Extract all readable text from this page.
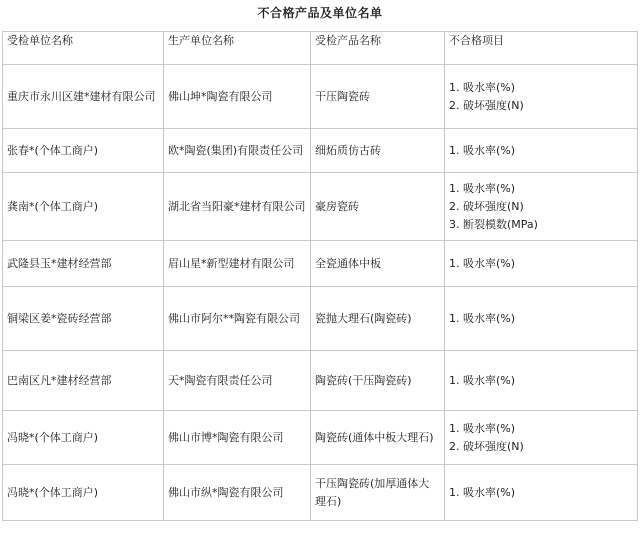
不合格产品及单位名单
受检单位名称	生产单位名称	受检产品名称	不合格项目
重庆市永川区建*建材有限公司	佛山坤*陶瓷有限公司	干压陶瓷砖	1. 吸水率(%)
2. 破坏强度(N)

张春*(个体工商户)	欧*陶瓷(集团)有限责任公司	细炻质仿古砖	1. 吸水率(%)

龚南*(个体工商户)	湖北省当阳豪*建材有限公司	豪房瓷砖	1. 吸水率(%)
2. 破坏强度(N)
3. 断裂模数(MPa)

武隆县玉*建材经营部	眉山星*新型建材有限公司	全瓷通体中板	1. 吸水率(%)

铜梁区姜*瓷砖经营部	佛山市阿尔**陶瓷有限公司	瓷抛大理石(陶瓷砖)	1. 吸水率(%)

巴南区凡*建材经营部	天*陶瓷有限责任公司	陶瓷砖(干压陶瓷砖)	1. 吸水率(%)

冯晓*(个体工商户)	佛山市博*陶瓷有限公司	陶瓷砖(通体中板大理石)	1. 吸水率(%)
2. 破坏强度(N)

冯晓*(个体工商户)	佛山市纵*陶瓷有限公司	干压陶瓷砖(加厚通体大理石)	1. 吸水率(%)
